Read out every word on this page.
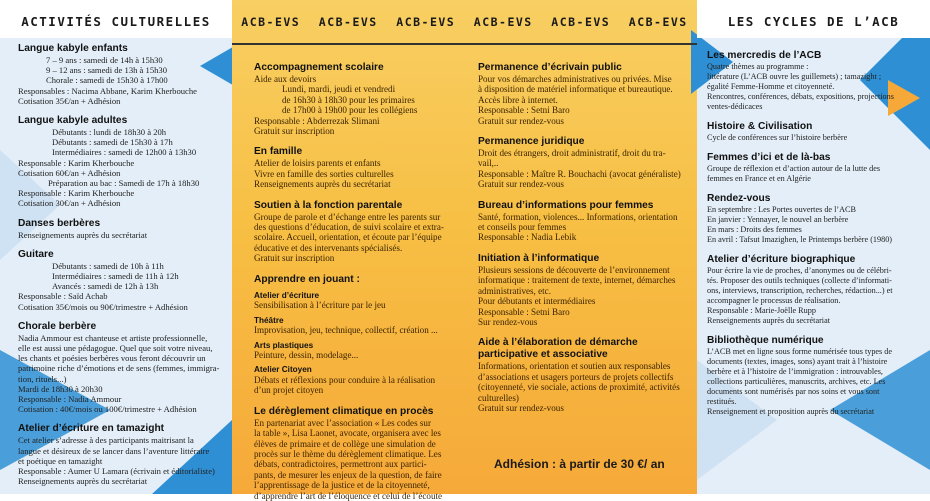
ACTIVITÉS CULTURELLES
Langue kabyle enfants
7 – 9 ans : samedi de 14h à 15h30
9 – 12 ans : samedi de 13h à 15h30
Chorale : samedi de 15h30 à 17h00
Responsables : Nacima Abbane, Karim Kherbouche
Cotisation 35€/an + Adhésion
Langue kabyle adultes
Débutants : lundi de 18h30 à 20h
Débutants : samedi de 15h30 à 17h
Intermédiaires : samedi de 12h00 à 13h30
Responsable : Karim Kherbouche
Cotisation 60€/an + Adhésion
Préparation au bac : Samedi de 17h à 18h30
Responsable : Karim Kherbouche
Cotisation 30€/an + Adhésion
Danses berbères
Renseignements auprès du secrétariat
Guitare
Débutants : samedi de 10h à 11h
Intermédiaires : samedi de 11h à 12h
Avancés : samedi de 12h à 13h
Responsable : Saïd Achab
Cotisation 35€/mois ou 90€/trimestre + Adhésion
Chorale berbère
Nadia Ammour est chanteuse et artiste professionnelle,
elle est aussi une pédagogue. Quel que soit votre niveau,
les chants et poésies berbères vous feront découvrir un
patrimoine riche d’émotions et de sens (femmes, immigra-
tion, rituels...)
Mardi de 18h30 à 20h30
Responsable : Nadia Ammour
Cotisation : 40€/mois ou 100€/trimestre + Adhésion
Atelier d’écriture en tamazight
Cet atelier s’adresse à des participants maitrisant la
langue et désireux de se lancer dans l’aventure littéraire
et poétique en tamazight
Responsable : Aumer U Lamara (écrivain et éditorialiste)
Renseignements auprès du secrétariat
ACB-EVS ACB-EVS ACB-EVS ACB-EVS ACB-EVS ACB-EVS
Accompagnement scolaire
Aide aux devoirs
Lundi, mardi, jeudi et vendredi
de 16h30 à 18h30 pour les primaires
de 17h00 à 19h00 pour les collégiens
Responsable : Abderrezak Slimani
Gratuit sur inscription
En famille
Atelier de loisirs parents et enfants
Vivre en famille des sorties culturelles
Renseignements auprès du secrétariat
Soutien à la fonction parentale
Groupe de parole et d’échange entre les parents sur
des questions d’éducation, de suivi scolaire et extra-
scolaire. Accueil, orientation, et écoute par l’équipe
éducative et des intervenants spécialisés.
Gratuit sur inscription
Apprendre en jouant :
Atelier d’écriture
Sensibilisation à l’écriture par le jeu
Théâtre
Improvisation, jeu, technique, collectif, création ...
Arts plastiques
Peinture, dessin, modelage...
Atelier Citoyen
Débats et réflexions pour conduire à la réalisation
d’un projet citoyen
Le dérèglement climatique en procès
En partenariat avec l’association « Les codes sur
la table », Lisa Laonet, avocate, organisera avec les
élèves de primaire et de collège une simulation de
procès sur le thème du dérèglement climatique. Les
débats, contradictoires, permettront aux partici-
pants, de mesurer les enjeux de la question, de faire
l’apprentissage de la justice et de la citoyenneté,
d’apprendre l’art de l’éloquence et celui de l’écoute
Permanence d’écrivain public
Pour vos démarches administratives ou privées. Mise
à disposition de matériel informatique et bureautique.
Accès libre à internet.
Responsable : Setni Baro
Gratuit sur rendez-vous
Permanence juridique
Droit des étrangers, droit administratif, droit du tra-
vail,..
Responsable : Maître R. Bouchachi (avocat généraliste)
Gratuit sur rendez-vous
Bureau d’informations pour femmes
Santé, formation, violences... Informations, orientation
et conseils pour femmes
Responsable : Nadia Lebik
Initiation à l’informatique
Plusieurs sessions de découverte de l’environnement
informatique : traitement de texte, internet, démarches
administratives, etc.
Pour débutants et intermédiaires
Responsable : Setni Baro
Sur rendez-vous
Aide à l’élaboration de démarche participative et associative
Informations, orientation et soutien aux responsables
d’associations et usagers porteurs de projets collectifs
(citoyenneté, vie sociale, actions de proximité, activités
culturelles)
Gratuit sur rendez-vous
Adhésion : à partir de 30 €/ an
LES CYCLES DE L’ACB
Les mercredis de l’ACB
Quatre thèmes au programme :
littérature (L’ACB ouvre les guillemets) ; tamazight ;
égalité Femme-Homme et citoyenneté.
Rencontres, conférences, débats, expositions, projections
ventes-dédicaces
Histoire & Civilisation
Cycle de conférences sur l’histoire berbère
Femmes d’ici et de là-bas
Groupe de réflexion et d’action autour de la lutte des
femmes en France et en Algérie
Rendez-vous
En septembre : Les Portes ouvertes de l’ACB
En janvier : Yennayer, le nouvel an berbère
En mars : Droits des femmes
En avril : Tafsut Imazighen, le Printemps berbère (1980)
Atelier d’écriture biographique
Pour écrire la vie de proches, d’anonymes ou de célébri-
tés. Proposer des outils techniques (collecte d’informati-
ons, interviews, transcription, recherches, rédaction...) et
accompagner le processus de réalisation.
Responsable : Marie-Joëlle Rupp
Renseignements auprès du secrétariat
Bibliothèque numérique
L’ACB met en ligne sous forme numérisée tous types de
documents (textes, images, sons) ayant trait à l’histoire
berbère et à l’histoire de l’immigration : introuvables,
collections particulières, manuscrits, archives, etc. Les
documents sont numérisés par nos soins et vous sont
restitués.
Renseignement et proposition auprès du secrétariat
